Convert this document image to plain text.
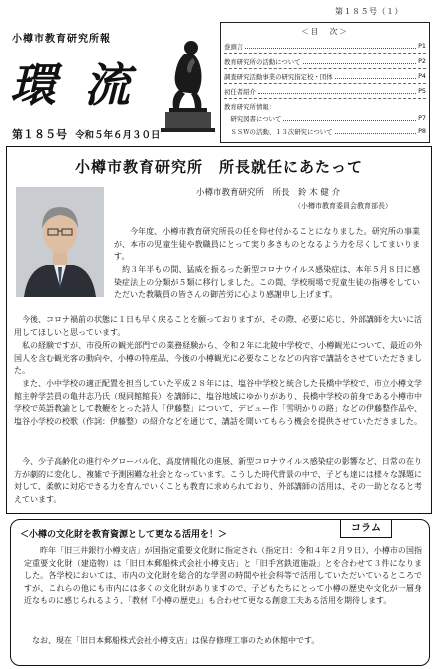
第１８５号（１）
小樽市教育研究所報
環 流
第１８５号 令和５年６月３０日
＜目　次＞
巻頭言	P1
教育研究所の活動について	P2
調査研究活動事業の研究指定校・団体	P4
初任者紹介	P5
教育研究所情報：
　研究図書について	P7
　ＳＳＷの活動、１３次研究について	P8
小樽市教育研究所　所長就任にあたって
小樽市教育研究所　所長　鈴 木 健 介
（小樽市教育委員会教育部長）
今年度、小樽市教育研究所長の任を仰せ付かることになりました。研究所の事業が、本市の児童生徒や教職員にとって実り多きものとなるよう力を尽くしてまいります。
約３年半もの間、猛威を振るった新型コロナウイルス感染症は、本年５月８日に感染症法上の分類が５類に移行しました。この間、学校現場で児童生徒の指導をしていただいた教職員の皆さんの御苦労に心より感謝申し上げます。
今後、コロナ禍前の状態に１日も早く戻ることを願っておりますが、その際、必要に応じ、外部講師を大いに活用してほしいと思っています。
私の経験ですが、市役所の観光部門での業務経験から、令和２年に北陵中学校で、小樽観光について、最近の外国人を含む観光客の動向や、小樽の特産品、今後の小樽観光に必要なことなどの内容で講話をさせていただきました。
また、小中学校の適正配置を担当していた平成２８年には、塩谷中学校と統合した長橋中学校で、市立小樽文学館主幹学芸員の亀井志乃氏（現同館館長）を講師に、塩谷地域にゆかりがあり、長橋中学校の前身である小樽市中学校で英語教諭として教鞭をとった詩人「伊藤整」について、デビュー作「雪明かりの路」などの伊藤整作品や、塩谷小学校の校歌（作詞：伊藤整）の紹介などを通じて、講話を聞いてもらう機会を提供させていただきました。
今、少子高齢化の進行やグローバル化、高度情報化の進展、新型コロナウイルス感染症の影響など、日常の在り方が劇的に変化し、複雑で予測困難な社会となっています。こうした時代背景の中で、子ども達には様々な課題に対して、柔軟に対応できる力を育んでいくことも教育に求められており、外部講師の活用は、その一助となると考えています。
コラム
＜小樽の文化財を教育資源として更なる活用を！＞
昨年「旧三井銀行小樽支店」が国指定重要文化財に指定され（指定日：令和４年２月９日）、小樽市の国指定重要文化財（建造物）は「旧日本郵船株式会社小樽支店」と「旧手宮鉄道施設」とを合わせて３件になりました。各学校においては、市内の文化財を総合的な学習の時間や社会科等で活用していただいているところですが、これらの他にも市内には多くの文化財がありますので、子どもたちにとって小樽の歴史や文化が一層身近なものに感じられるよう、「教材『小樽の歴史』」も合わせて更なる創意工夫ある活用を期待します。
なお、現在「旧日本郵船株式会社小樽支店」は保存修理工事のため休館中です。
